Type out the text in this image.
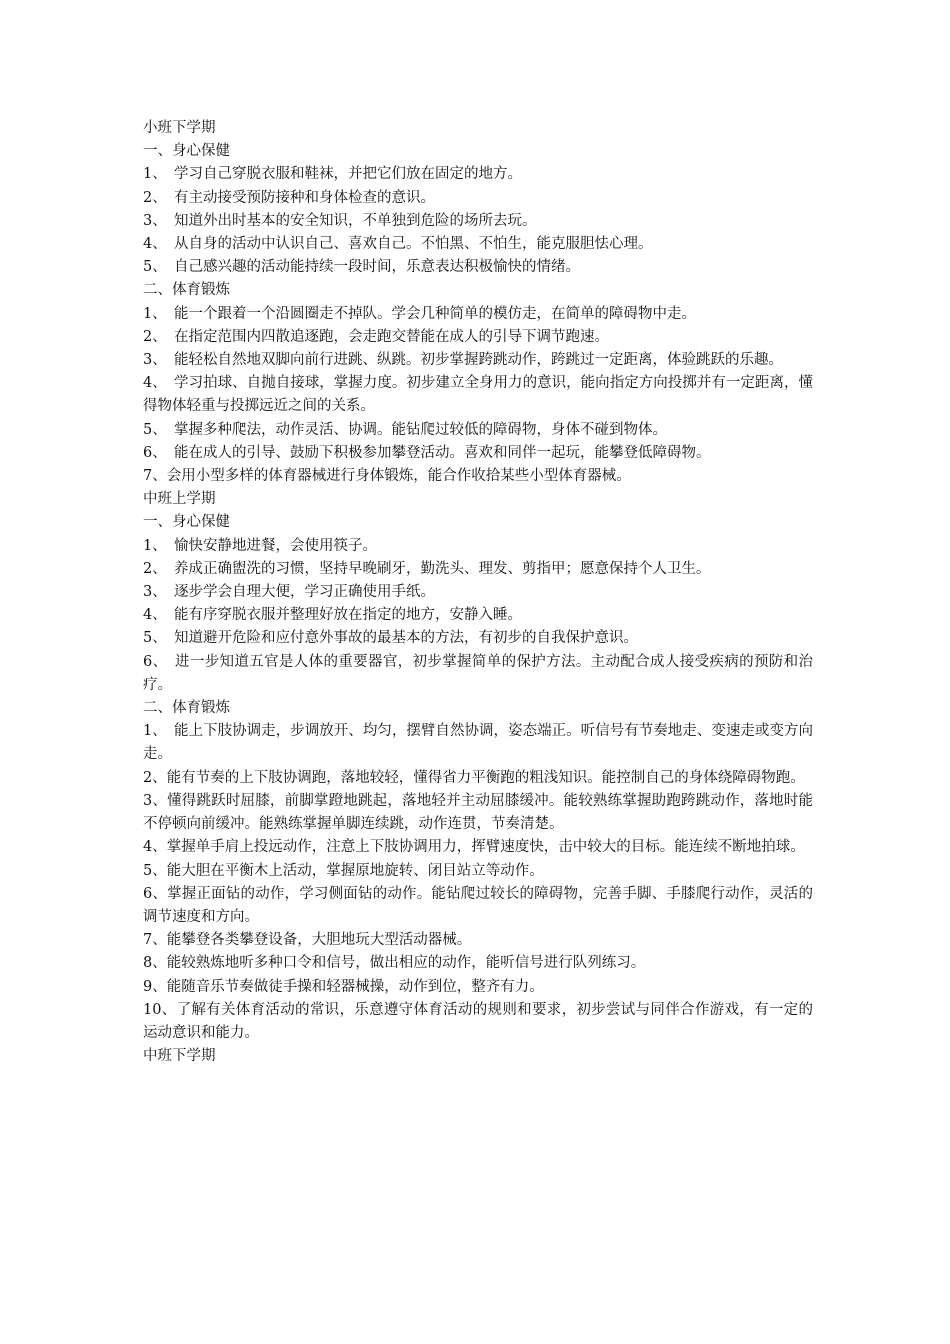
小班下学期
一、身心保健
1、　学习自己穿脱衣服和鞋袜，并把它们放在固定的地方。
2、　有主动接受预防接种和身体检查的意识。
3、　知道外出时基本的安全知识，不单独到危险的场所去玩。
4、　从自身的活动中认识自己、喜欢自己。不怕黑、不怕生，能克服胆怯心理。
5、　自己感兴趣的活动能持续一段时间，乐意表达积极愉快的情绪。
二、体育锻炼
1、　能一个跟着一个沿圆圈走不掉队。学会几种简单的模仿走，在简单的障碍物中走。
2、　在指定范围内四散追逐跑，会走跑交替能在成人的引导下调节跑速。
3、　能轻松自然地双脚向前行进跳、纵跳。初步掌握跨跳动作，跨跳过一定距离，体验跳跃的乐趣。
4、　学习拍球、自抛自接球，掌握力度。初步建立全身用力的意识，能向指定方向投掷并有一定距离，懂得物体轻重与投掷远近之间的关系。
5、　掌握多种爬法，动作灵活、协调。能钻爬过较低的障碍物，身体不碰到物体。
6、　能在成人的引导、鼓励下积极参加攀登活动。喜欢和同伴一起玩，能攀登低障碍物。
7、会用小型多样的体育器械进行身体锻炼，能合作收拾某些小型体育器械。
中班上学期
一、身心保健
1、　愉快安静地进餐，会使用筷子。
2、　养成正确盥洗的习惯，坚持早晚刷牙，勤洗头、理发、剪指甲；愿意保持个人卫生。
3、　逐步学会自理大便，学习正确使用手纸。
4、　能有序穿脱衣服并整理好放在指定的地方，安静入睡。
5、　知道避开危险和应付意外事故的最基本的方法，有初步的自我保护意识。
6、　进一步知道五官是人体的重要器官，初步掌握简单的保护方法。主动配合成人接受疾病的预防和治疗。
二、体育锻炼
1、　能上下肢协调走，步调放开、均匀，摆臂自然协调，姿态端正。听信号有节奏地走、变速走或变方向走。
2、能有节奏的上下肢协调跑，落地较轻，懂得省力平衡跑的粗浅知识。能控制自己的身体绕障碍物跑。
3、懂得跳跃时屈膝，前脚掌蹬地跳起，落地轻并主动屈膝缓冲。能较熟练掌握助跑跨跳动作，落地时能不停顿向前缓冲。能熟练掌握单脚连续跳，动作连贯，节奏清楚。
4、掌握单手肩上投远动作，注意上下肢协调用力，挥臂速度快，击中较大的目标。能连续不断地拍球。
5、能大胆在平衡木上活动，掌握原地旋转、闭目站立等动作。
6、掌握正面钻的动作，学习侧面钻的动作。能钻爬过较长的障碍物，完善手脚、手膝爬行动作，灵活的调节速度和方向。
7、能攀登各类攀登设备，大胆地玩大型活动器械。
8、能较熟炼地听多种口令和信号，做出相应的动作，能听信号进行队列练习。
9、能随音乐节奏做徒手操和轻器械操，动作到位，整齐有力。
10、了解有关体育活动的常识，乐意遵守体育活动的规则和要求，初步尝试与同伴合作游戏，有一定的运动意识和能力。
中班下学期
